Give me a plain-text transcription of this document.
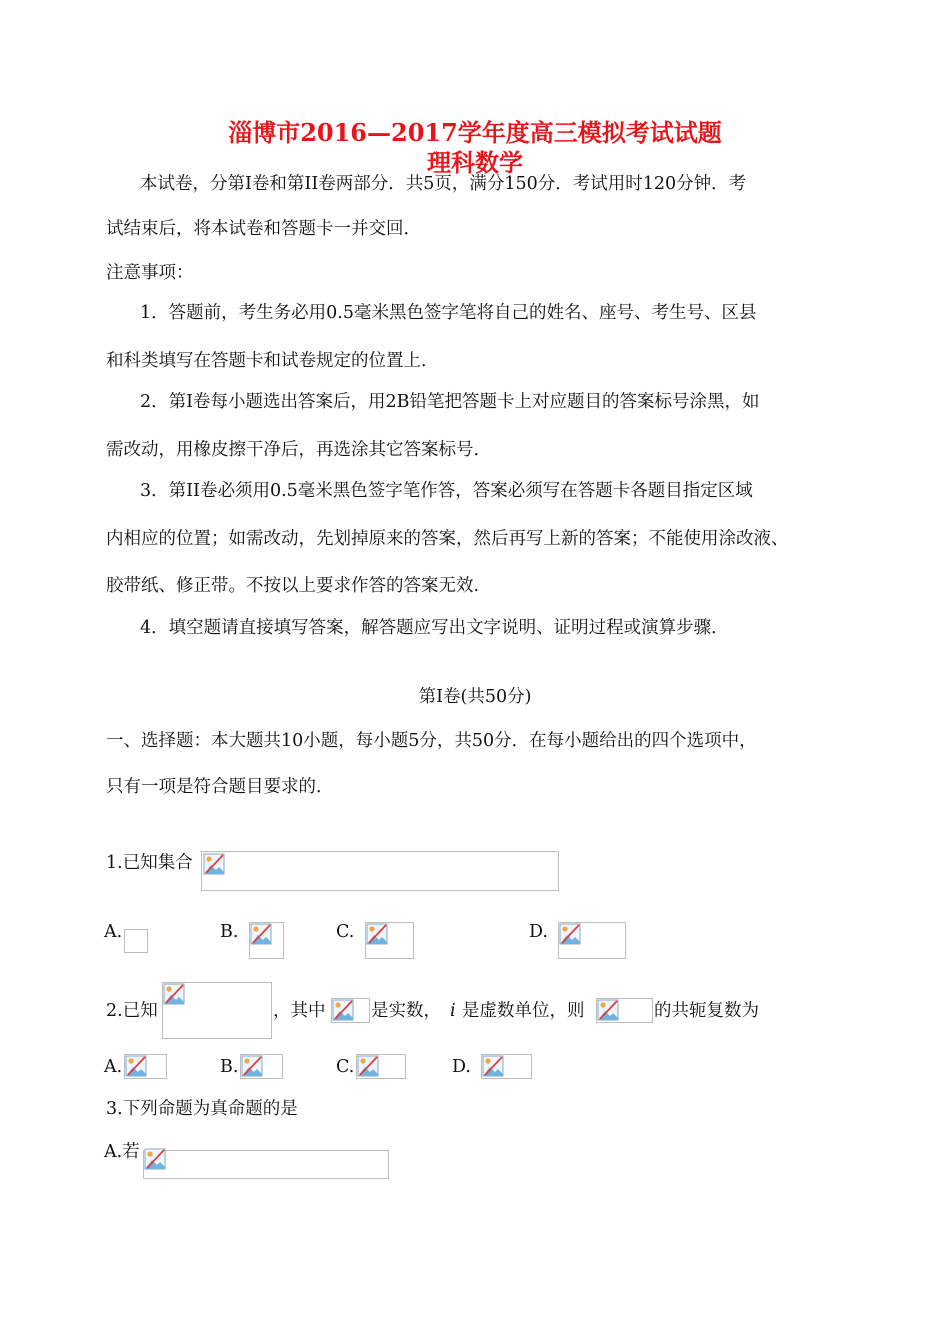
淄博市2016—2017学年度高三模拟考试试题
理科数学
本试卷，分第I卷和第II卷两部分．共5页，满分150分．考试用时120分钟．考
试结束后，将本试卷和答题卡一并交回．
注意事项：
1．答题前，考生务必用0.5毫米黑色签字笔将自己的姓名、座号、考生号、区县
和科类填写在答题卡和试卷规定的位置上．
2．第I卷每小题选出答案后，用2B铅笔把答题卡上对应题目的答案标号涂黑，如
需改动，用橡皮擦干净后，再选涂其它答案标号．
3．第II卷必须用0.5毫米黑色签字笔作答，答案必须写在答题卡各题目指定区域
内相应的位置；如需改动，先划掉原来的答案，然后再写上新的答案；不能使用涂改液、
胶带纸、修正带。不按以上要求作答的答案无效.
4．填空题请直接填写答案，解答题应写出文字说明、证明过程或演算步骤．
第I卷(共50分)
一、选择题：本大题共10小题，每小题5分，共50分．在每小题给出的四个选项中，
只有一项是符合题目要求的．
1.已知集合
A.	B.	C.	D.
2.已知	，其中	是实数， i 是虚数单位，则	的共轭复数为
A.	B.	C.	D.
3.下列命题为真命题的是
A.若
